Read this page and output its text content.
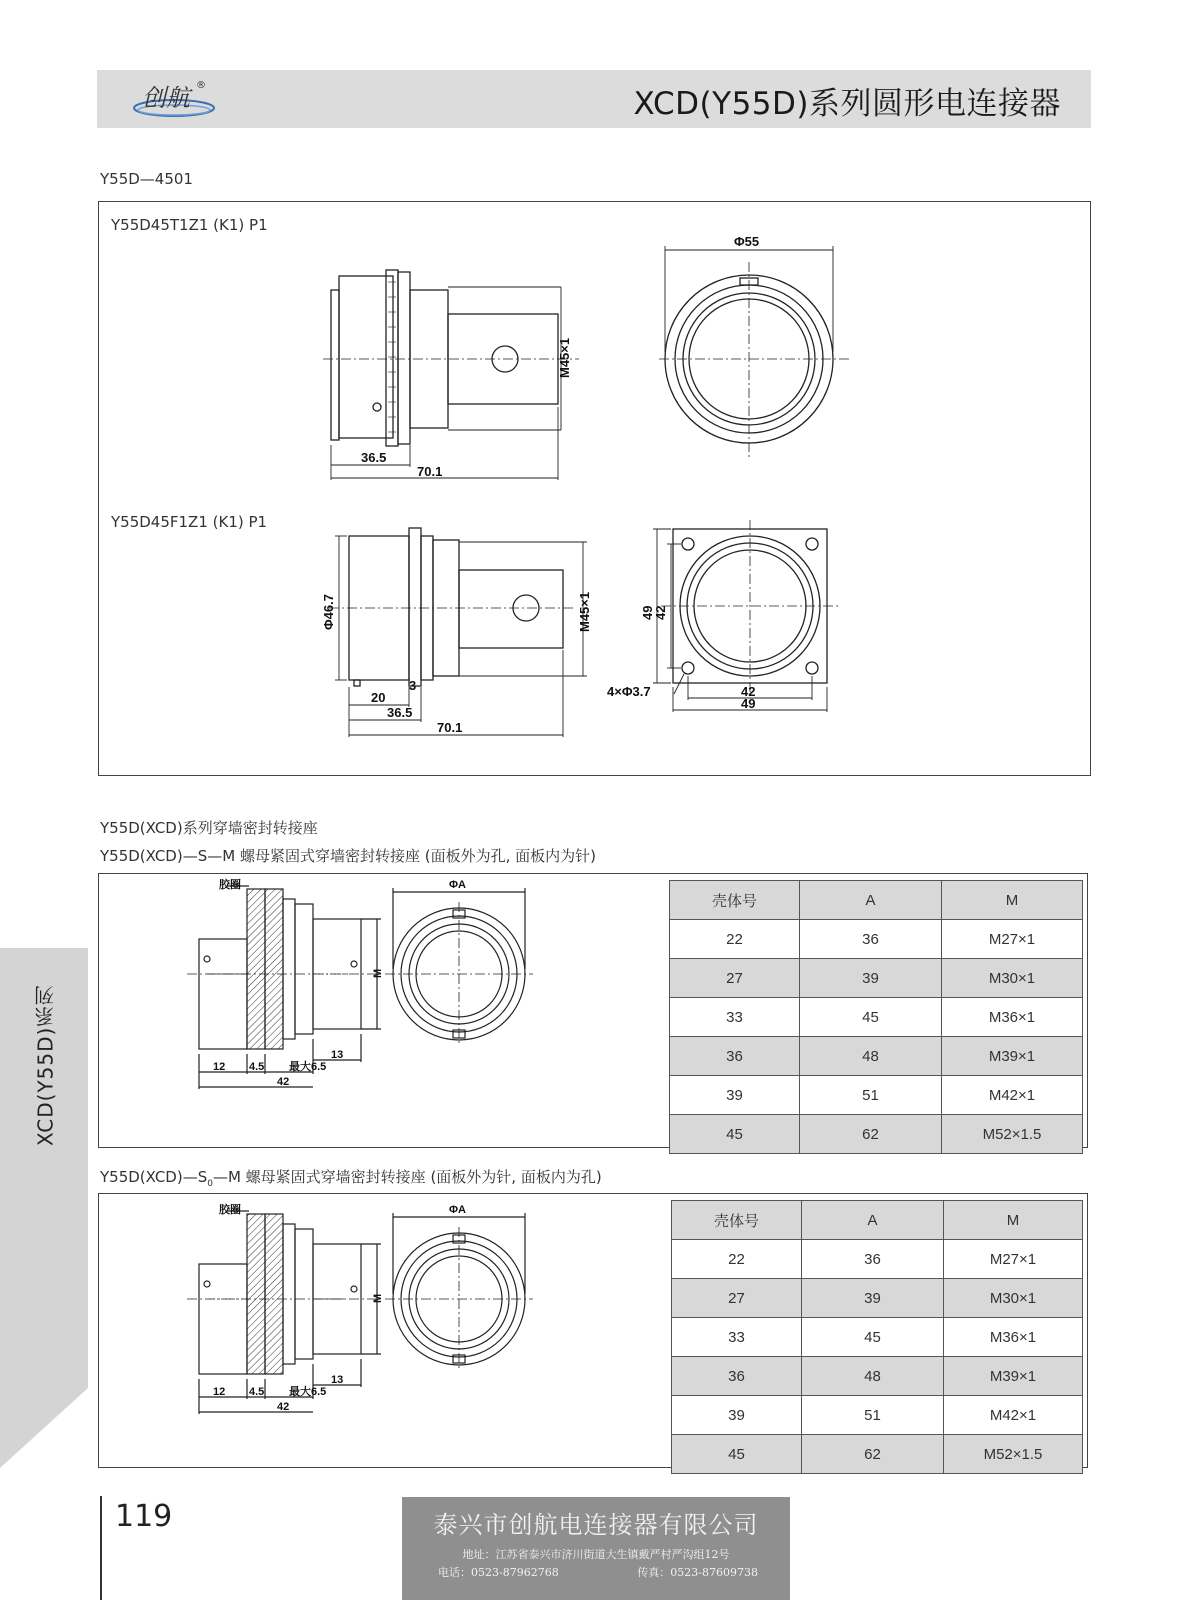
XCD(Y55D)系列圆形电连接器
创航 ®
Y55D—4501
Y55D45T1Z1 (K1) P1
Y55D45F1Z1 (K1) P1
Φ55
M45×1
36.5
70.1
Φ46.7	M45×1
20
3
36.5
70.1
49
42
4×Φ3.7	42
49
Y55D(XCD)系列穿墙密封转接座
Y55D(XCD)—S—M 螺母紧固式穿墙密封转接座 (面板外为孔, 面板内为针)
胶圈	ΦA
M
12 4.5 最大6.5
13
42
壳体号	A	M
22	36	M27×1
27	39	M30×1
33	45	M36×1
36	48	M39×1
39	51	M42×1
45	62	M52×1.5
$Y55D(XCD)—S_0—M$ 螺母紧固式穿墙密封转接座 (面板外为针, 面板内为孔)
胶圈	ΦA
M
12 4.5 最大6.5
13
42
壳体号	A	M
22	36	M27×1
27	39	M30×1
33	45	M36×1
36	48	M39×1
39	51	M42×1
45	62	M52×1.5
XCD(Y55D)系列
119	泰兴市创航电连接器有限公司
地址：江苏省泰兴市济川街道大生镇戴严村严沟组12号
电话：0523-87962768	传真：0523-87609738
